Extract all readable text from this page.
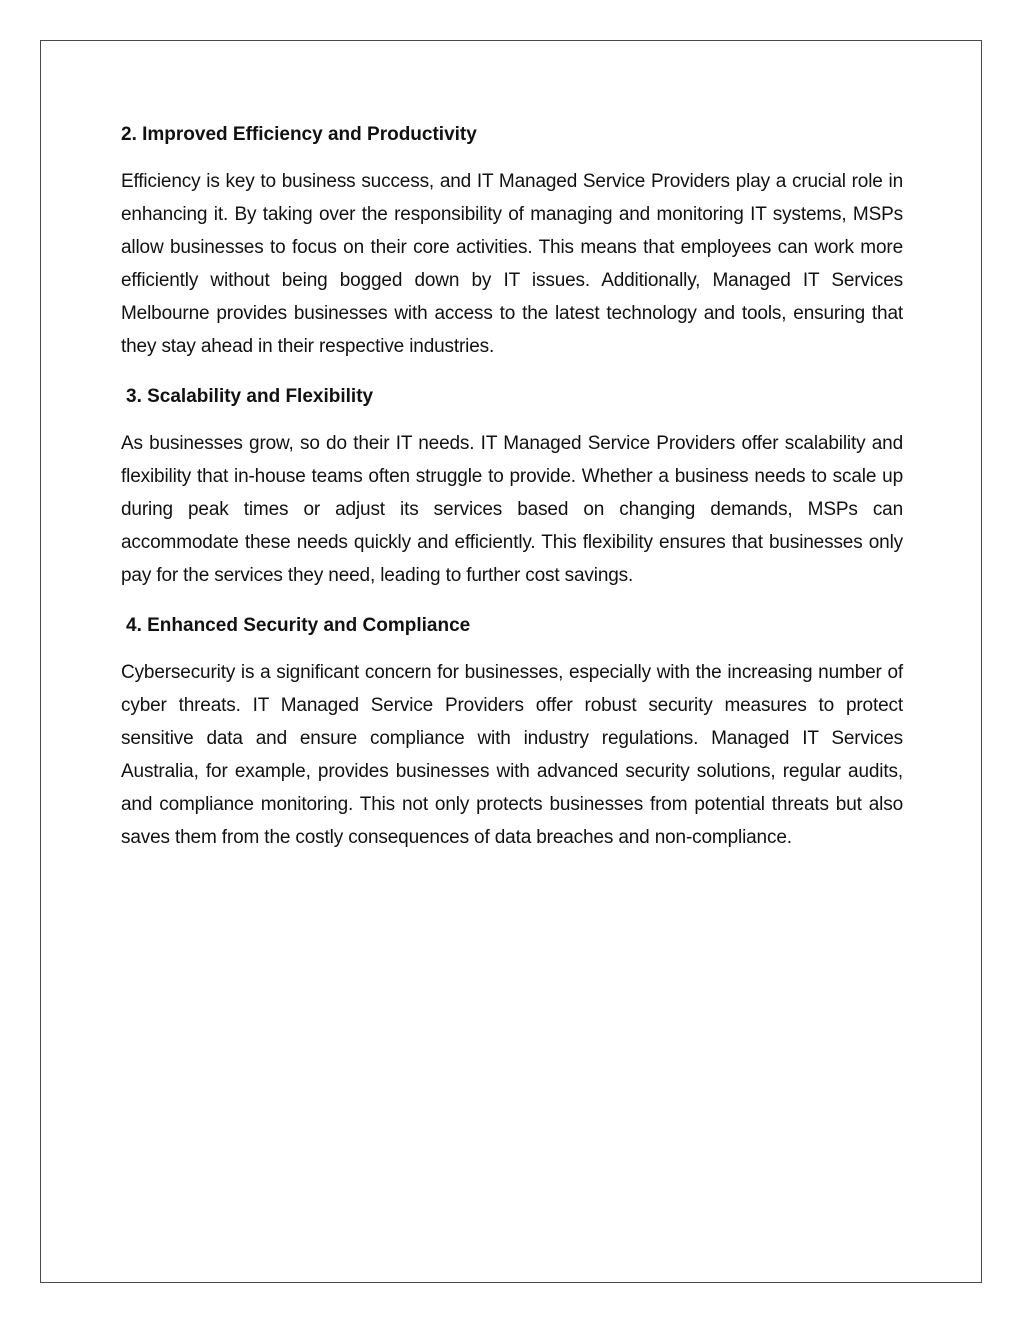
2. Improved Efficiency and Productivity
Efficiency is key to business success, and IT Managed Service Providers play a crucial role in enhancing it. By taking over the responsibility of managing and monitoring IT systems, MSPs allow businesses to focus on their core activities. This means that employees can work more efficiently without being bogged down by IT issues. Additionally, Managed IT Services Melbourne provides businesses with access to the latest technology and tools, ensuring that they stay ahead in their respective industries.
3. Scalability and Flexibility
As businesses grow, so do their IT needs. IT Managed Service Providers offer scalability and flexibility that in-house teams often struggle to provide. Whether a business needs to scale up during peak times or adjust its services based on changing demands, MSPs can accommodate these needs quickly and efficiently. This flexibility ensures that businesses only pay for the services they need, leading to further cost savings.
4. Enhanced Security and Compliance
Cybersecurity is a significant concern for businesses, especially with the increasing number of cyber threats. IT Managed Service Providers offer robust security measures to protect sensitive data and ensure compliance with industry regulations. Managed IT Services Australia, for example, provides businesses with advanced security solutions, regular audits, and compliance monitoring. This not only protects businesses from potential threats but also saves them from the costly consequences of data breaches and non-compliance.
